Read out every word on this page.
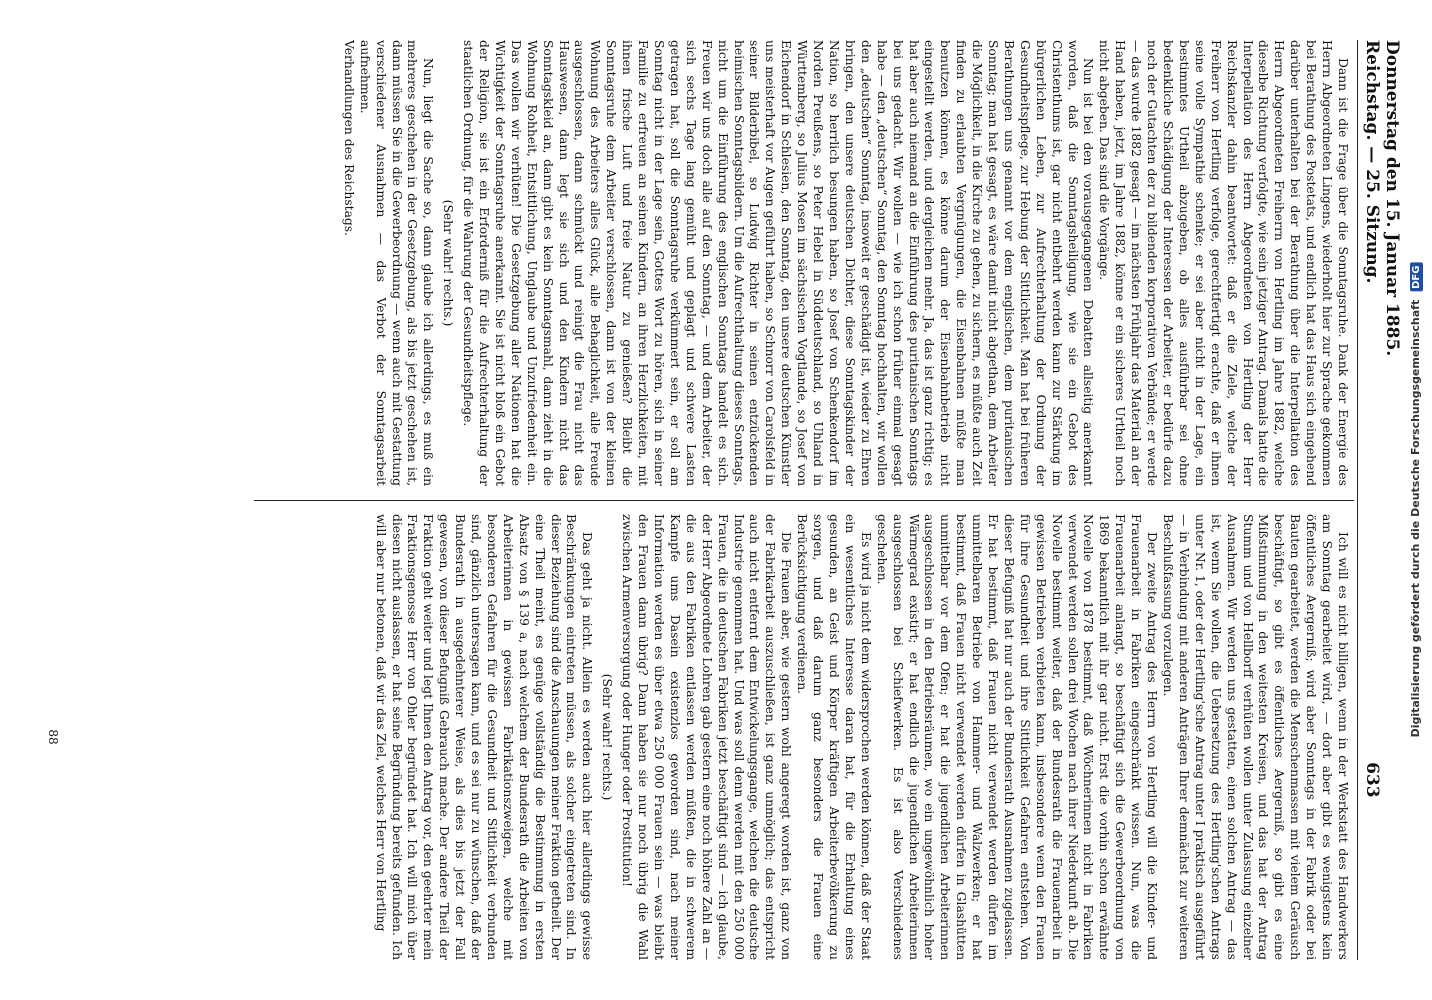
Reichstag. — 25. Sitzung. Donnerstag den 15. Januar 1885.                                                                                                                           633

Dann ist die Frage über die Sonntagsruhe. Dank der Energie des Herrn Abgeordneten Lingens, wiederholt hier zur Sprache gekommen bei Berathung des Postetats, und endlich hat das Haus sich eingehend darüber unterhalten bei der Berathung über die Interpellation des Herrn Abgeordneten Freiherrn von Hertling im Jahre 1882, welche dieselbe Richtung verfolgte, wie sein jetziger Antrag. Damals hatte die Interpellation des Herrn Abgeordneten von Hertling der Herr Reichskanzler dahin beantwortet: daß er die Ziele, welche der Freiherr von Hertling verfolge, gerechtfertigt erachte, daß er ihnen seine volle Sympathie schenke; er sei aber nicht in der Lage, ein bestimmtes Urtheil abzugeben, ob alles ausführbar sei ohne bedenkliche Schädigung der Interessen der Arbeiter, er bedürfe dazu noch der Gutachten der zu bildenden korporativen Verbände; er werde — das wurde 1882 gesagt — im nächsten Frühjahr das Material an der Hand haben, jetzt, im Jahre 1882, könne er ein sicheres Urtheil noch nicht abgeben. Das sind die Vorgänge.

Nun ist bei den vorausgegangenen Debatten allseitig anerkannt worden, daß die Sonntagsheiligung, wie sie ein Gebot des Christenthums ist, gar nicht entbehrt werden kann zur Stärkung im bürgerlichen Leben, zur Aufrechterhaltung der Ordnung der Gesundheitspflege, zur Hebung der Sittlichkeit. Man hat bei früheren Berathungen uns genannt vor dem englischen, dem puritanischen Sonntag; man hat gesagt, es wäre damit nicht abgethan, dem Arbeiter die Möglichkeit, in die Kirche zu gehen, zu sichern, es müßte auch Zeit finden zu erlaubten Vergnügungen, die Eisenbahnen müßte man benutzen können, es könne darum der Eisenbahnbetrieb nicht eingestellt werden, und dergleichen mehr. Ja, das ist ganz richtig; es hat aber auch niemand an die Einführung des puritanischen Sonntags bei uns gedacht. Wir wollen — wie ich schon früher einmal gesagt habe — den „deutschen“ Sonntag, den Sonntag hochhalten, wir wollen den „deutschen“ Sonntag, insoweit er geschädigt ist, wieder zu Ehren bringen, den unsere deutschen Dichter, diese Sonntagskinder der Nation, so herrlich besungen haben, so Josef von Schenkendorf im Norden Preußens, so Peter Hebel in Süddeutschland, so Uhland in Württemberg, so Julius Mosen im sächsischen Vogtlande, so Josef von Eichendorf in Schlesien, den Sonntag, den unsere deutschen Künstler uns meisterhaft vor Augen geführt haben, so Schnorr von Carolsfeld in seiner Bilderbibel, so Ludwig Richter in seinen entzückenden heimischen Sonntagsbildern. Um die Aufrechthaltung dieses Sonntags, nicht um die Einführung des englischen Sonntags handelt es sich. Freuen wir uns doch alle auf den Sonntag, — und dem Arbeiter, der sich sechs Tage lang gemüht und geplagt und schwere Lasten getragen hat, soll die Sonntagsruhe verkümmert sein, er soll am Sonntag nicht in der Lage sein, Gottes Wort zu hören, sich in seiner Familie zu erfreuen an seinen Kindern, an ihren Herzlichkeiten, mit ihnen frische Luft und freie Natur zu genießen? Bleibt die Sonntagsruhe dem Arbeiter verschlossen, dann ist von der kleinen Wohnung des Arbeiters alles Glück, alle Behaglichkeit, alle Freude ausgeschlossen, dann schmückt und reinigt die Frau nicht das Hauswesen, dann legt sie sich und den Kindern nicht das Sonntagskleid an, dann gibt es kein Sonntagsmahl, dann zieht in die Wohnung Rohheit, Entsittlichung, Unglaube und Unzufriedenheit ein. Das wollen wir verhüten! Die Gesetzgebung aller Nationen hat die Wichtigkeit der Sonntagsruhe anerkannt. Sie ist nicht bloß ein Gebot der Religion, sie ist ein Erforderniß für die Aufrechterhaltung der staatlichen Ordnung, für die Wahrung der Gesundheitspflege.

(Sehr wahr! rechts.)

Nun, liegt die Sache so, dann glaube ich allerdings, es muß ein mehreres geschehen in der Gesetzgebung, als bis jetzt geschehen ist, dann müssen Sie in die Gewerbeordnung — wenn auch mit Gestattung verschiedener Ausnahmen — das Verbot der Sonntagsarbeit aufnehmen.

Verhandlungen des Reichstags.

Ich will es nicht billigen, wenn in der Werkstatt des Handwerkers am Sonntag gearbeitet wird, — dort aber gibt es wenigstens kein öffentliches Aergerniß; wird aber Sonntags in der Fabrik oder bei Bauten gearbeitet, werden die Menschenmassen mit vielem Geräusch beschäftigt, so gibt es öffentliches Aergerniß, so gibt es eine Mißstimmung in den weitesten Kreisen, und das hat der Antrag Stumm und von Hellborff verhüten wollen unter Zulassung einzelner Ausnahmen. Wir werden uns gestatten, einen solchen Antrag — das ist, wenn Sie wollen, die Uebersetzung des Hertling'schen Antrags unter Nr. 1, oder der Hertling'sche Antrag unter I praktisch ausgeführt — in Verbindung mit anderen Anträgen Ihrer demnächst zur weiteren Beschlußfassung vorzulegen.

Der zweite Antrag des Herrn von Hertling will die Kinder- und Frauenarbeit in Fabriken eingeschränkt wissen. Nun, was die Frauenarbeit anlangt, so beschäftigt sich die Gewerbeordnung von 1869 bekanntlich mit ihr gar nicht. Erst die vorhin schon erwähnte Novelle von 1878 bestimmt, daß Wöchnerinnen nicht in Fabriken verwendet werden sollen drei Wochen nach ihrer Niederkunft ab. Die Novelle bestimmt weiter, daß der Bundesrath die Frauenarbeit in gewissen Betrieben verbieten kann, insbesondere wenn den Frauen für ihre Gesundheit und ihre Sittlichkeit Gefahren entstehen. Von dieser Befugniß hat nur auch der Bundesrath Ausnahmen zugelassen. Er hat bestimmt, daß Frauen nicht verwendet werden dürfen im unmittelbaren Betriebe von Hammer- und Walzwerken; er hat bestimmt, daß Frauen nicht verwendet werden dürfen in Glashütten unmittelbar vor dem Ofen; er hat die jugendlichen Arbeiterinnen ausgeschlossen in den Betriebsräumen, wo ein ungewöhnlich hoher Wärmegrad existirt; er hat endlich die jugendlichen Arbeiterinnen ausgeschlossen bei Schiefwerken. Es ist also Verschiedenes geschehen.

Es wird ja nicht dem widersprochen werden können, daß der Staat ein wesentliches Interesse daran hat, für die Erhaltung eines gesunden, an Geist und Körper kräftigen Arbeiterbevölkerung zu sorgen, und daß darum ganz besonders die Frauen eine Berücksichtigung verdienen.

Die Frauen aber, wie gestern wohl angeregt worden ist, ganz von der Fabrikarbeit auszuschließen, ist ganz unmöglich; das entspricht auch nicht entfernt dem Entwickelungsgange, welchen die deutsche Industrie genommen hat. Und was soll denn werden mit den 250 000 Frauen, die in deutschen Fabriken jetzt beschäftigt sind — ich glaube, der Herr Abgeordnete Lohren gab gestern eine noch höhere Zahl an — die aus den Fabriken entlassen werden müßten, die in schwerem Kampfe ums Dasein existenzlos geworden sind, nach meiner Information werden es über etwa 250 000 Frauen sein — was bleibt den Frauen dann übrig? Dann haben sie nur noch übrig die Wahl zwischen Armenversorgung oder Hunger oder Prostitution!

(Sehr wahr! rechts.)

Das geht ja nicht. Allein es werden auch hier allerdings gewisse Beschränkungen eintreten müssen, als solcher eingetreten sind. In dieser Beziehung sind die Anschauungen meiner Fraktion getheilt. Der eine Theil meint, es genüge vollständig die Bestimmung in ersten Absatz von § 139 a, nach welchem der Bundesrath die Arbeiten von Arbeiterinnen in gewissen Fabrikationszweigen, welche mit besonderen Gefahren für die Gesundheit und Sittlichkeit verbunden sind, gänzlich untersagen kann, und es sei nur zu wünschen, daß der Bundesrath in ausgedehnterer Weise, als dies bis jetzt der Fall gewesen, von dieser Befugniß Gebrauch mache. Der andere Theil der Fraktion geht weiter und legt Ihnen den Antrag vor, den geehrter mein Fraktionsgenosse Herr von Ohler begründet hat. Ich will mich über diesen nicht auslassen, er hat seine Begründung bereits gefunden. Ich will aber nur betonen, daß wir das Ziel, welches Herr von Hertling

88	Digitalisierung gefördert durch die Deutsche Forschungsgemeinschaft DFG
